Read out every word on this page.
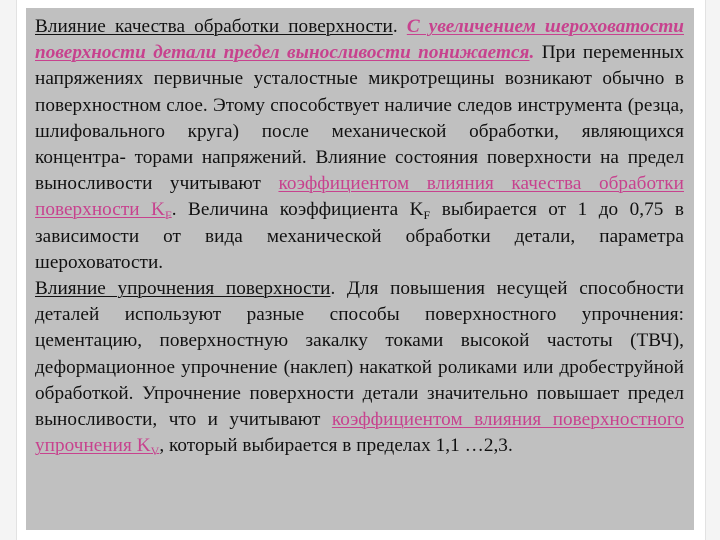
Влияние качества обработки поверхности. С увеличением шероховатости поверхности детали предел выносливости понижается. При переменных напряжениях первичные усталостные микротрещины возникают обычно в поверхностном слое. Этому способствует наличие следов инструмента (резца, шлифовального круга) после механической обработки, являющихся концентра- торами напряжений. Влияние состояния поверхности на предел выносливости учитывают коэффициентом влияния качества обработки поверхности $K_F$. Величина коэффициента $K_F$ выбирается от 1 до 0,75 в зависимости от вида механической обработки детали, параметра шероховатости.

Влияние упрочнения поверхности. Для повышения несущей способности деталей используют разные способы поверхностного упрочнения: цементацию, поверхностную закалку токами высокой частоты (ТВЧ), деформационное упрочнение (наклеп) накаткой роликами или дробеструйной обработкой. Упрочнение поверхности детали значительно повышает предел выносливости, что и учитывают коэффициентом влияния поверхностного упрочнения $K_V$, который выбирается в пределах 1,1 …2,3.
